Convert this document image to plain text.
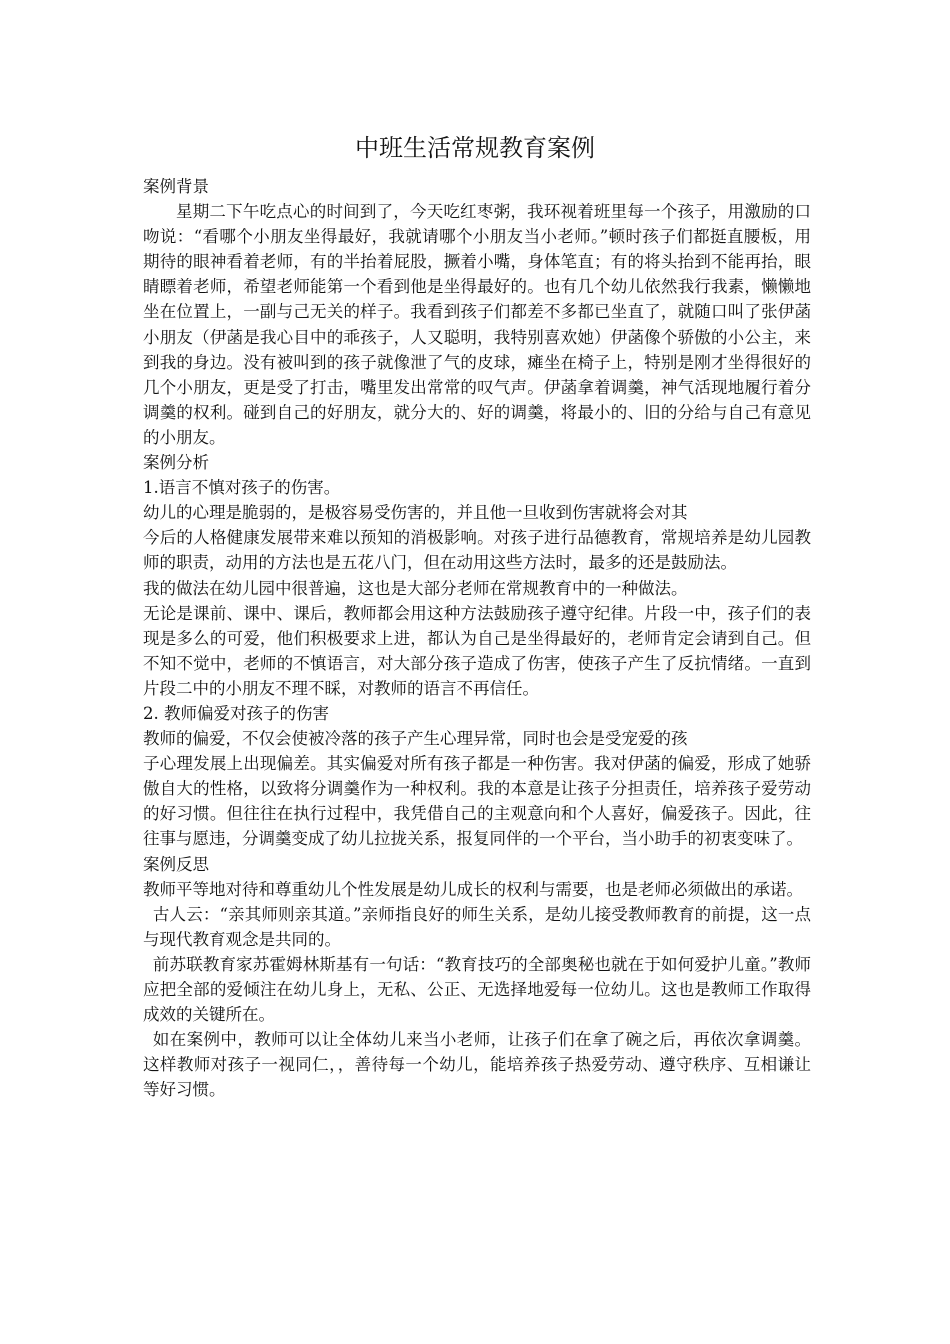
中班生活常规教育案例

案例背景

星期二下午吃点心的时间到了，今天吃红枣粥，我环视着班里每一个孩子，用激励的口吻说：“看哪个小朋友坐得最好，我就请哪个小朋友当小老师。”顿时孩子们都挺直腰板，用期待的眼神看着老师，有的半抬着屁股，撅着小嘴，身体笔直；有的将头抬到不能再抬，眼睛瞟着老师，希望老师能第一个看到他是坐得最好的。也有几个幼儿依然我行我素，懒懒地坐在位置上，一副与己无关的样子。我看到孩子们都差不多都已坐直了，就随口叫了张伊菡小朋友（伊菡是我心目中的乖孩子，人又聪明，我特别喜欢她）伊菡像个骄傲的小公主，来到我的身边。没有被叫到的孩子就像泄了气的皮球，瘫坐在椅子上，特别是刚才坐得很好的几个小朋友，更是受了打击，嘴里发出常常的叹气声。伊菡拿着调羹，神气活现地履行着分调羹的权利。碰到自己的好朋友，就分大的、好的调羹，将最小的、旧的分给与自己有意见的小朋友。

案例分析

1.语言不慎对孩子的伤害。

幼儿的心理是脆弱的，是极容易受伤害的，并且他一旦收到伤害就将会对其

今后的人格健康发展带来难以预知的消极影响。对孩子进行品德教育，常规培养是幼儿园教师的职责，动用的方法也是五花八门，但在动用这些方法时，最多的还是鼓励法。

我的做法在幼儿园中很普遍，这也是大部分老师在常规教育中的一种做法。

无论是课前、课中、课后，教师都会用这种方法鼓励孩子遵守纪律。片段一中，孩子们的表现是多么的可爱，他们积极要求上进，都认为自己是坐得最好的，老师肯定会请到自己。但不知不觉中，老师的不慎语言，对大部分孩子造成了伤害，使孩子产生了反抗情绪。一直到片段二中的小朋友不理不睬，对教师的语言不再信任。

2. 教师偏爱对孩子的伤害

教师的偏爱，不仅会使被冷落的孩子产生心理异常，同时也会是受宠爱的孩

子心理发展上出现偏差。其实偏爱对所有孩子都是一种伤害。我对伊菡的偏爱，形成了她骄傲自大的性格，以致将分调羹作为一种权利。我的本意是让孩子分担责任，培养孩子爱劳动的好习惯。但往往在执行过程中，我凭借自己的主观意向和个人喜好，偏爱孩子。因此，往往事与愿违，分调羹变成了幼儿拉拢关系，报复同伴的一个平台，当小助手的初衷变味了。

案例反思

教师平等地对待和尊重幼儿个性发展是幼儿成长的权利与需要，也是老师必须做出的承诺。

古人云：“亲其师则亲其道。”亲师指良好的师生关系，是幼儿接受教师教育的前提，这一点与现代教育观念是共同的。

前苏联教育家苏霍姆林斯基有一句话：“教育技巧的全部奥秘也就在于如何爱护儿童。”教师应把全部的爱倾注在幼儿身上，无私、公正、无选择地爱每一位幼儿。这也是教师工作取得成效的关键所在。

如在案例中，教师可以让全体幼儿来当小老师，让孩子们在拿了碗之后，再依次拿调羹。这样教师对孩子一视同仁，，善待每一个幼儿，能培养孩子热爱劳动、遵守秩序、互相谦让等好习惯。
